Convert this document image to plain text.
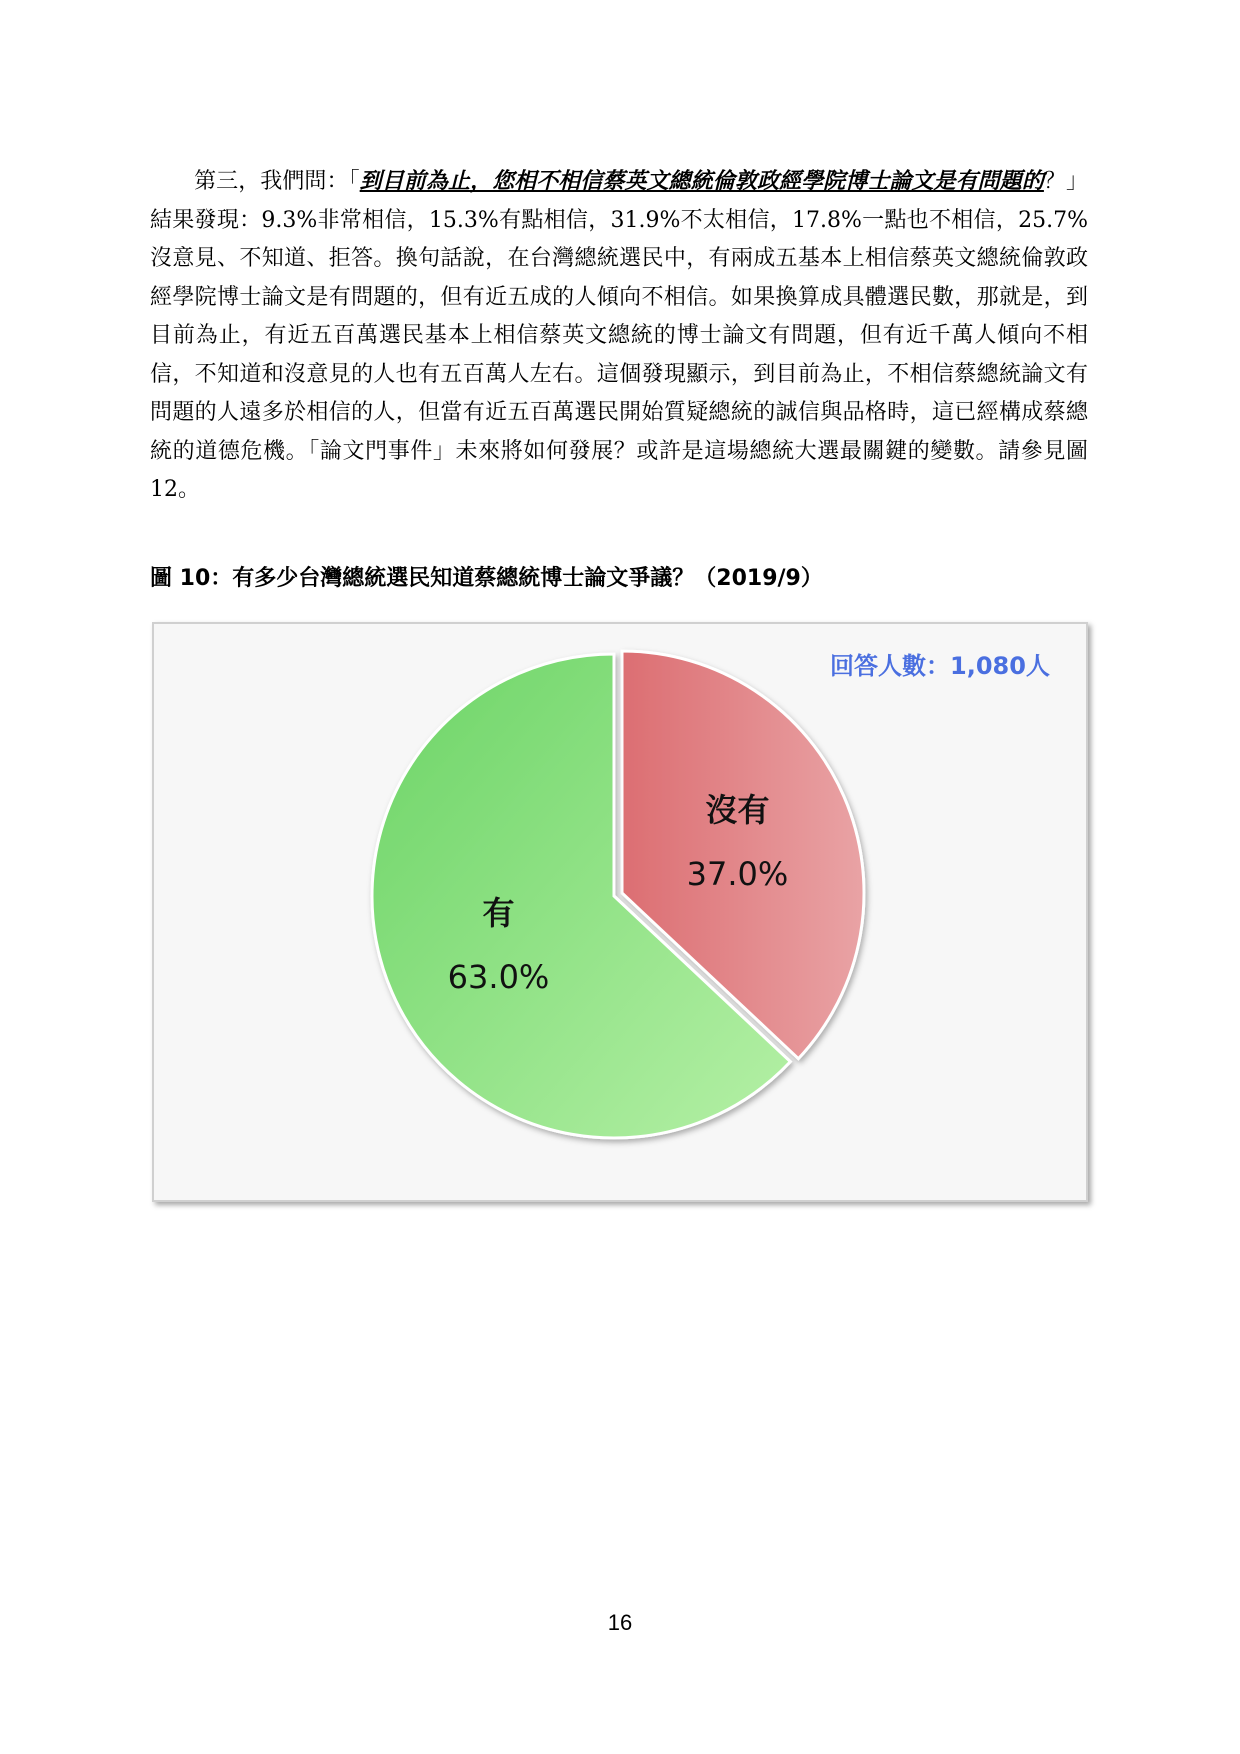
第三，我們問：「到目前為止，您相不相信蔡英文總統倫敦政經學院博士論文是有問題的？」結果發現：9.3%非常相信，15.3%有點相信，31.9%不太相信，17.8%一點也不相信，25.7%沒意見、不知道、拒答。換句話說，在台灣總統選民中，有兩成五基本上相信蔡英文總統倫敦政經學院博士論文是有問題的，但有近五成的人傾向不相信。如果換算成具體選民數，那就是，到目前為止，有近五百萬選民基本上相信蔡英文總統的博士論文有問題，但有近千萬人傾向不相信，不知道和沒意見的人也有五百萬人左右。這個發現顯示，到目前為止，不相信蔡總統論文有問題的人遠多於相信的人，但當有近五百萬選民開始質疑總統的誠信與品格時，這已經構成蔡總統的道德危機。「論文門事件」未來將如何發展？或許是這場總統大選最關鍵的變數。請參見圖 12。

圖 10：有多少台灣總統選民知道蔡總統博士論文爭議？（2019/9）
沒有
37.0%
有
63.0%
回答人數：1,080人
16
